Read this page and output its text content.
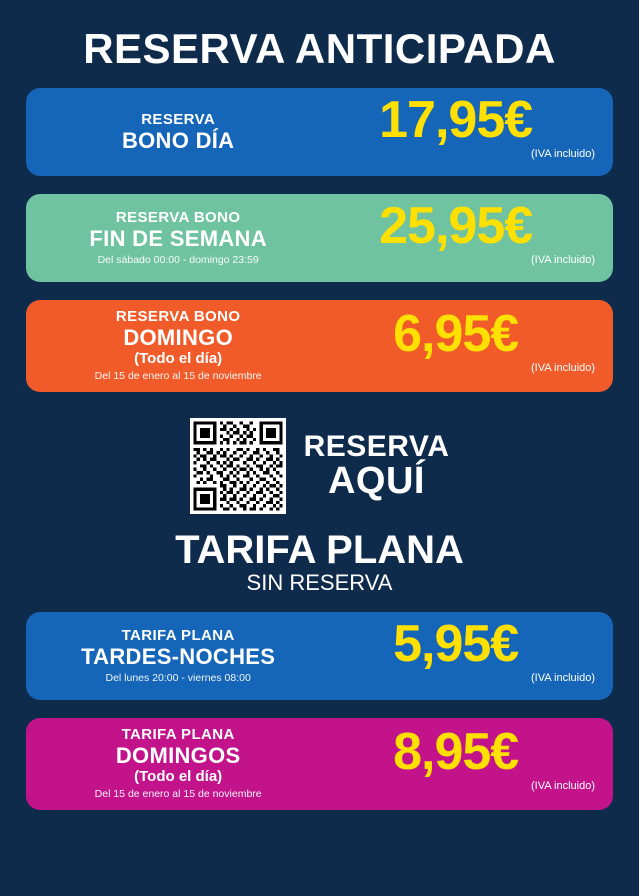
RESERVA ANTICIPADA
RESERVA
BONO DÍA	17,95€
(IVA incluido)
RESERVA BONO
FIN DE SEMANA
Del sábado 00:00 - domingo 23:59
25,95€
(IVA incluido)
RESERVA BONO
DOMINGO
(Todo el día)
Del 15 de enero al 15 de noviembre
6,95€
(IVA incluido)
RESERVA
AQUÍ
TARIFA PLANA
SIN RESERVA
TARIFA PLANA
TARDES-NOCHES
Del lunes 20:00 - viernes 08:00
5,95€
(IVA incluido)
TARIFA PLANA
DOMINGOS
(Todo el día)
Del 15 de enero al 15 de noviembre
8,95€
(IVA incluido)
